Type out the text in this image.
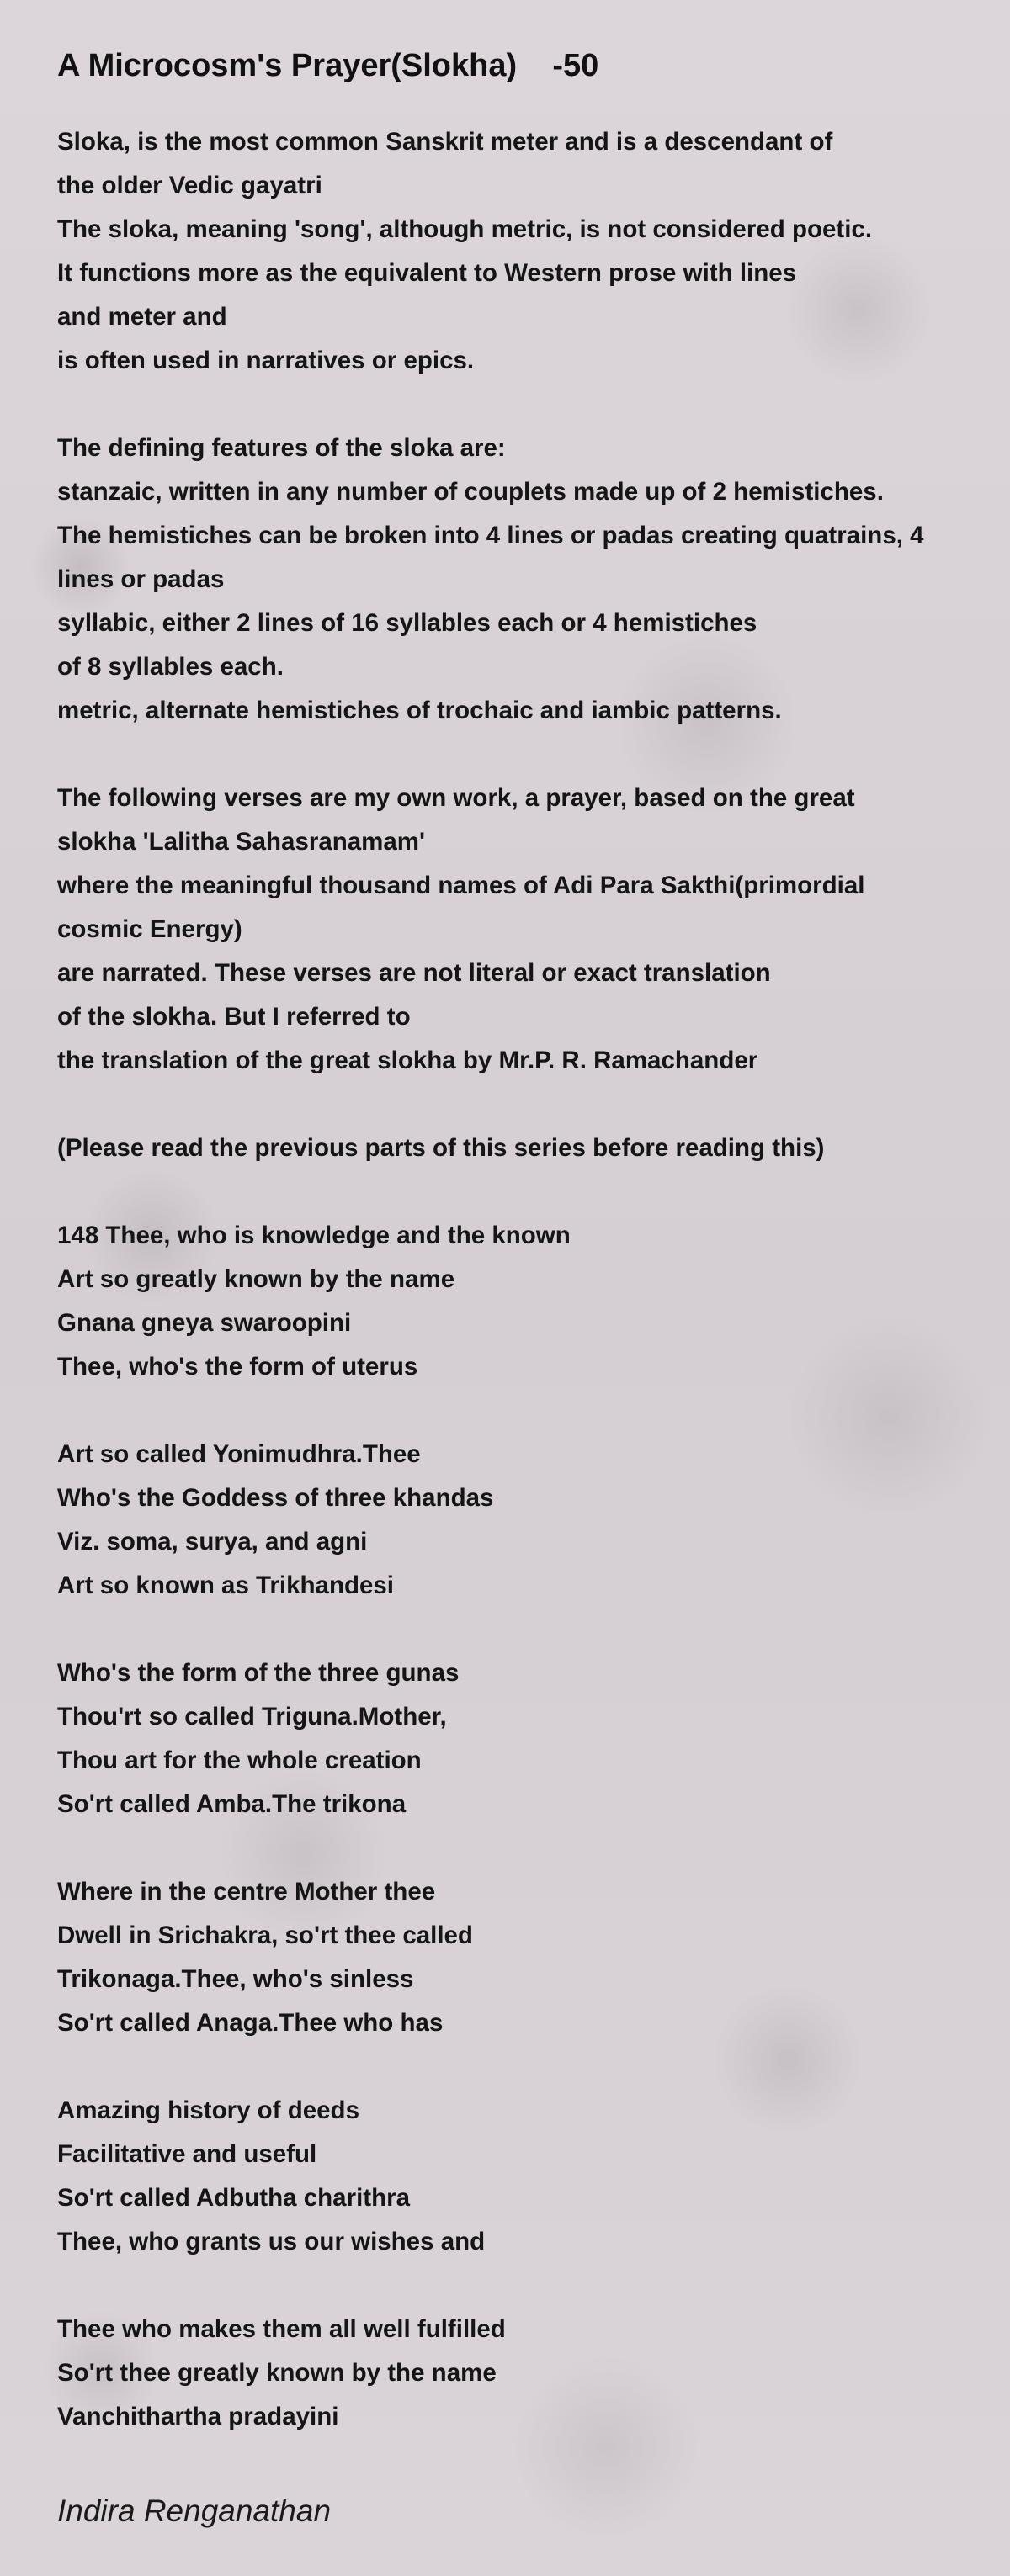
A Microcosm's Prayer(Slokha)    -50
Sloka, is the most common Sanskrit meter and is a descendant of
the older Vedic gayatri
The sloka, meaning 'song', although metric, is not considered poetic.
It functions more as the equivalent to Western prose with lines
and meter and
is often used in narratives or epics.
The defining features of the sloka are:
stanzaic, written in any number of couplets made up of 2 hemistiches.
The hemistiches can be broken into 4 lines or padas creating quatrains, 4
lines or padas
syllabic, either 2 lines of 16 syllables each or 4 hemistiches
of 8 syllables each.
metric, alternate hemistiches of trochaic and iambic patterns.
The following verses are my own work, a prayer, based on the great
slokha 'Lalitha Sahasranamam'
where the meaningful thousand names of Adi Para Sakthi(primordial
cosmic Energy)
are narrated. These verses are not literal or exact translation
of the slokha. But I referred to
the translation of the great slokha by Mr.P. R. Ramachander
(Please read the previous parts of this series before reading this)
148 Thee, who is knowledge and the known
Art so greatly known by the name
Gnana gneya swaroopini
Thee, who's the form of uterus
Art so called Yonimudhra.Thee
Who's the Goddess of three khandas
Viz. soma, surya, and agni
Art so known as Trikhandesi
Who's the form of the three gunas
Thou'rt so called Triguna.Mother,
Thou art for the whole creation
So'rt called Amba.The trikona
Where in the centre Mother thee
Dwell in Srichakra, so'rt thee called
Trikonaga.Thee, who's sinless
So'rt called Anaga.Thee who has
Amazing history of deeds
Facilitative and useful
So'rt called Adbutha charithra
Thee, who grants us our wishes and
Thee who makes them all well fulfilled
So'rt thee greatly known by the name
Vanchithartha pradayini
Indira Renganathan
